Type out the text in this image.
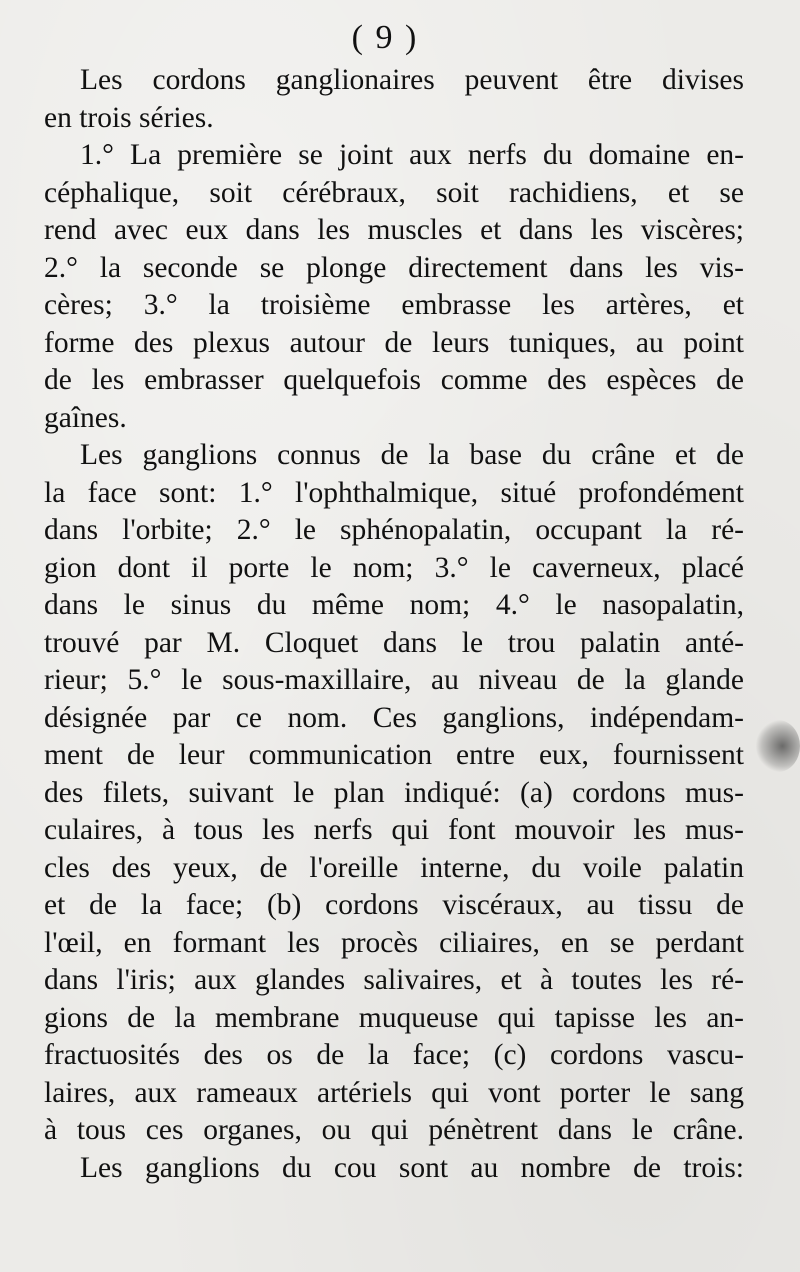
( 9 )
Les cordons ganglionaires peuvent être divises
en trois séries.
1.° La première se joint aux nerfs du domaine en-
céphalique, soit cérébraux, soit rachidiens, et se
rend avec eux dans les muscles et dans les viscères;
2.° la seconde se plonge directement dans les vis-
cères; 3.° la troisième embrasse les artères, et
forme des plexus autour de leurs tuniques, au point
de les embrasser quelquefois comme des espèces de
gaînes.
Les ganglions connus de la base du crâne et de
la face sont: 1.° l'ophthalmique, situé profondément
dans l'orbite; 2.° le sphénopalatin, occupant la ré-
gion dont il porte le nom; 3.° le caverneux, placé
dans le sinus du même nom; 4.° le nasopalatin,
trouvé par M. Cloquet dans le trou palatin anté-
rieur; 5.° le sous-maxillaire, au niveau de la glande
désignée par ce nom. Ces ganglions, indépendam-
ment de leur communication entre eux, fournissent
des filets, suivant le plan indiqué: (a) cordons mus-
culaires, à tous les nerfs qui font mouvoir les mus-
cles des yeux, de l'oreille interne, du voile palatin
et de la face; (b) cordons viscéraux, au tissu de
l'œil, en formant les procès ciliaires, en se perdant
dans l'iris; aux glandes salivaires, et à toutes les ré-
gions de la membrane muqueuse qui tapisse les an-
fractuosités des os de la face; (c) cordons vascu-
laires, aux rameaux artériels qui vont porter le sang
à tous ces organes, ou qui pénètrent dans le crâne.
Les ganglions du cou sont au nombre de trois:
